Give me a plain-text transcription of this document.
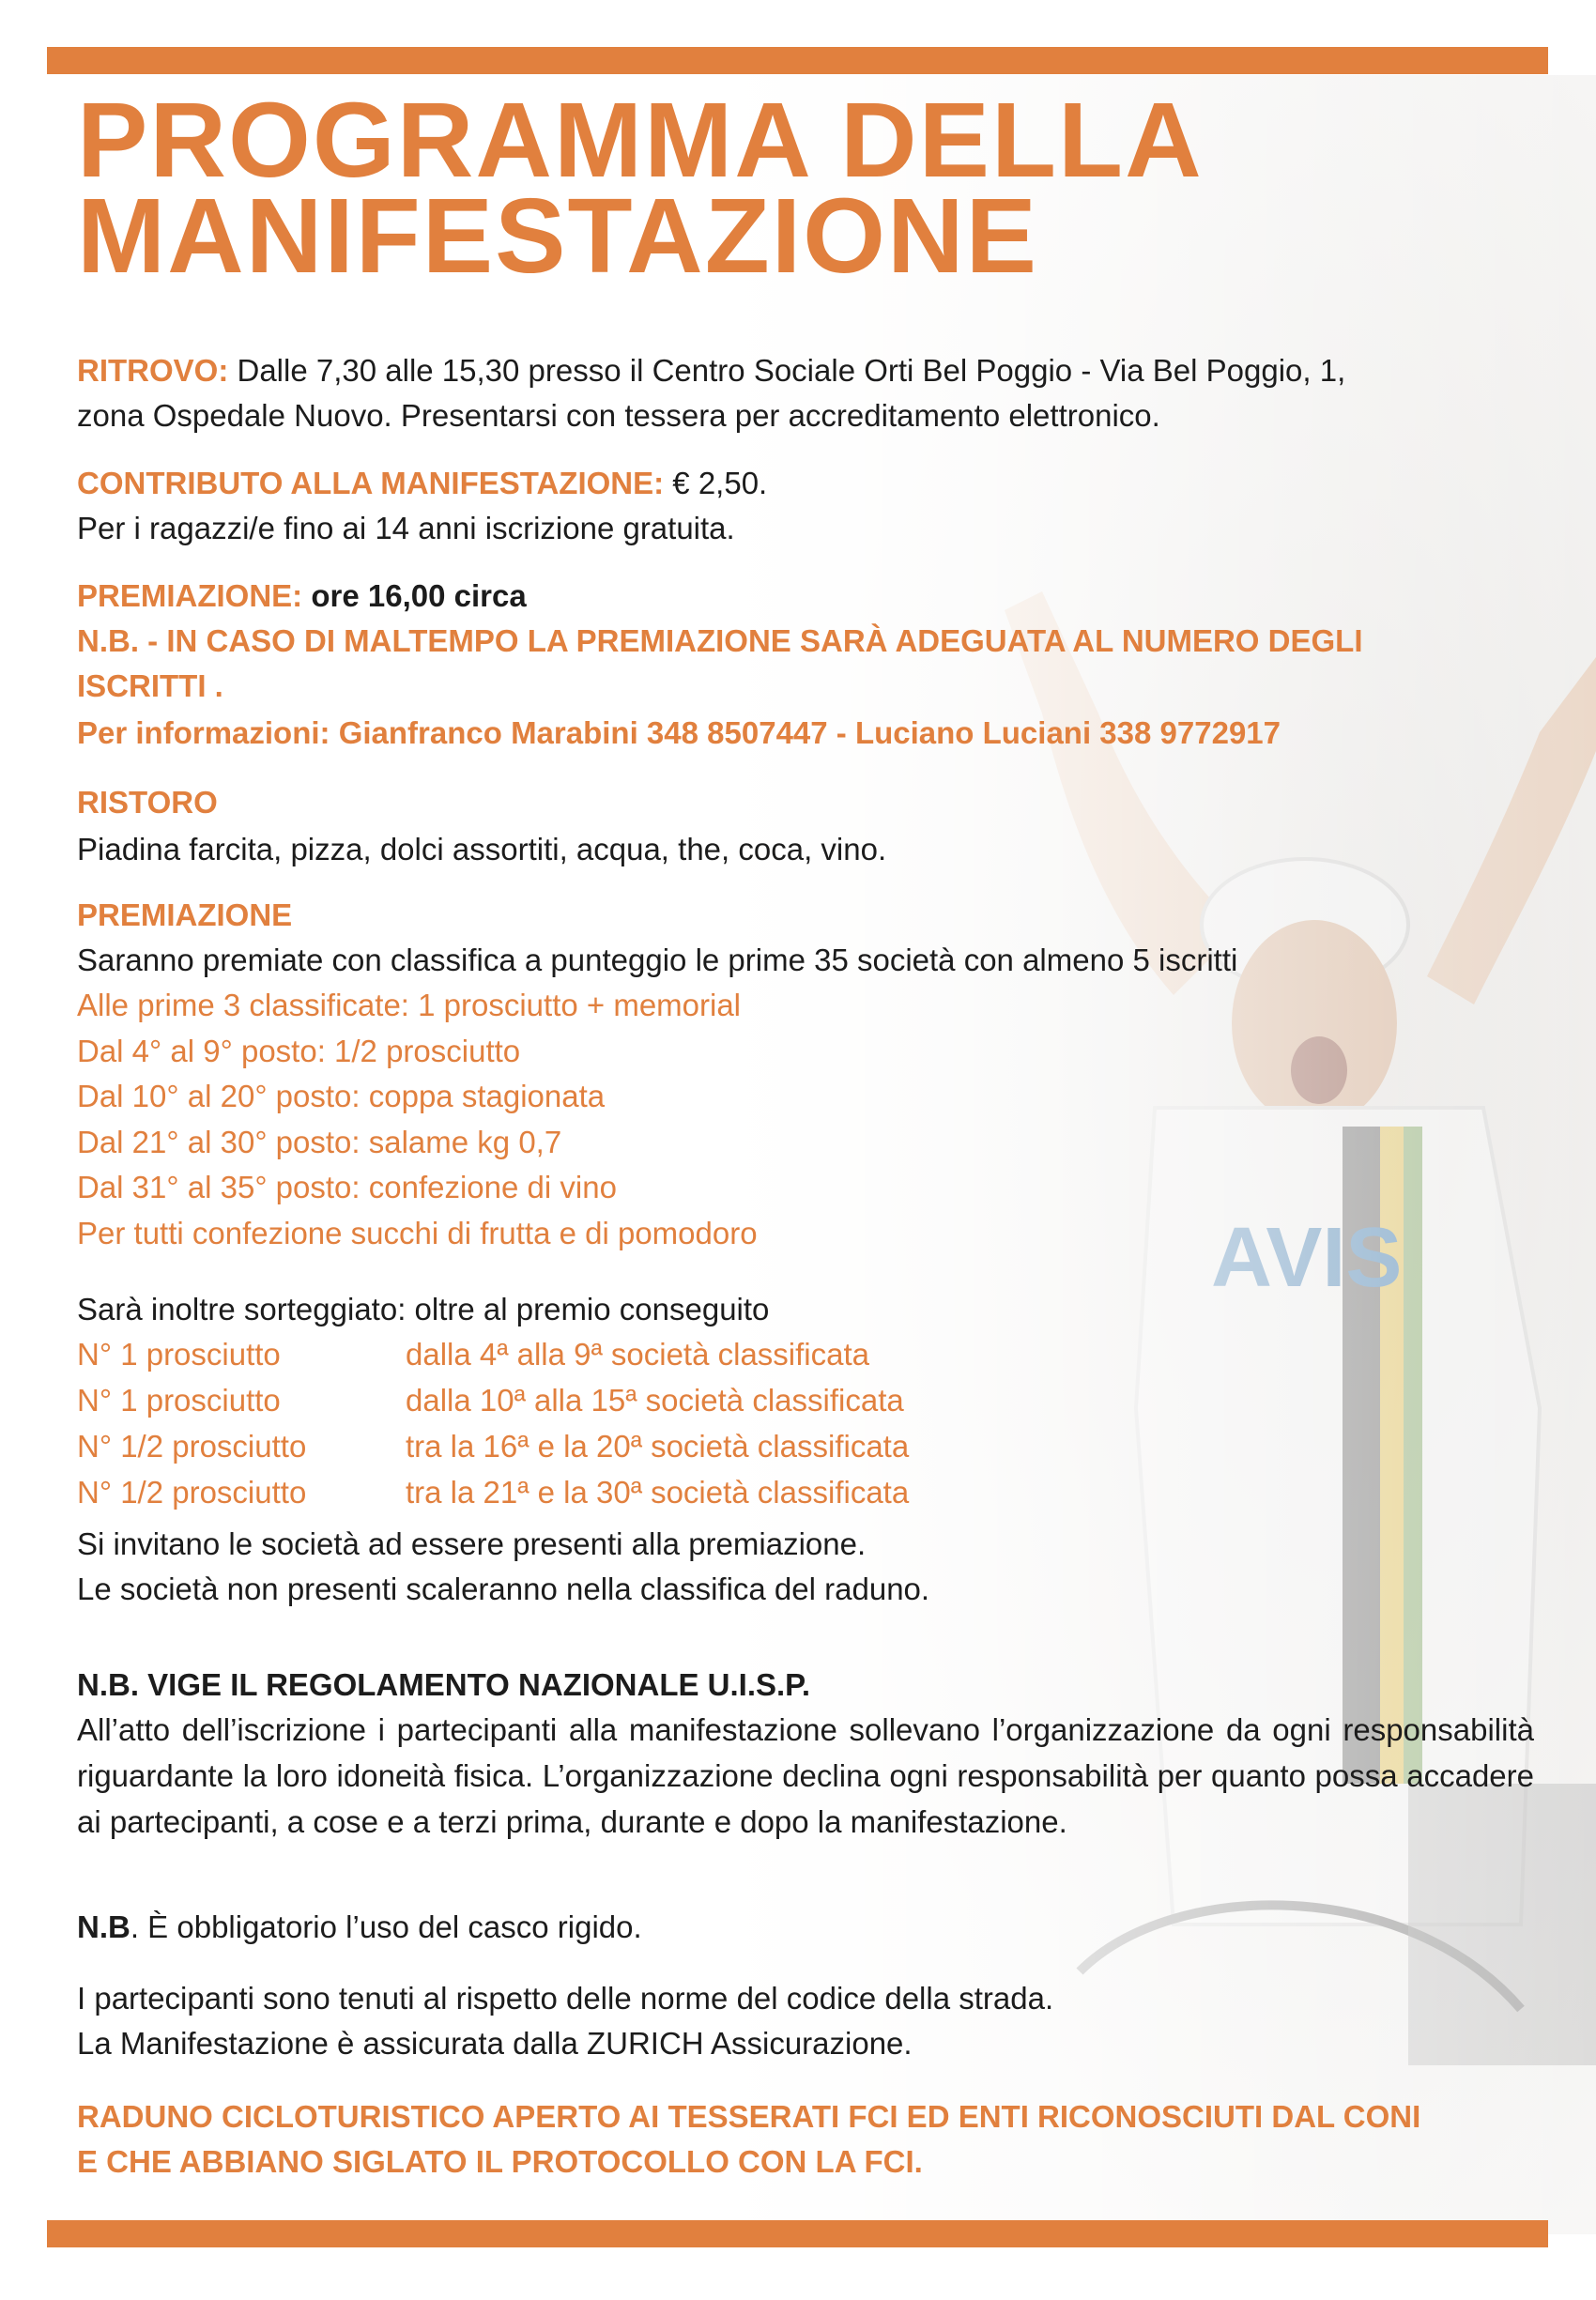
PROGRAMMA DELLA
MANIFESTAZIONE
RITROVO: Dalle 7,30 alle 15,30 presso il Centro Sociale Orti Bel Poggio - Via Bel Poggio, 1,
zona Ospedale Nuovo. Presentarsi con tessera per accreditamento elettronico.
CONTRIBUTO ALLA MANIFESTAZIONE: € 2,50.
Per i ragazzi/e fino ai 14 anni iscrizione gratuita.
PREMIAZIONE: ore 16,00 circa
N.B. - IN CASO DI MALTEMPO LA PREMIAZIONE SARÀ ADEGUATA AL NUMERO DEGLI
ISCRITTI .
Per informazioni: Gianfranco Marabini 348 8507447 - Luciano Luciani 338 9772917
RISTORO
Piadina farcita, pizza, dolci assortiti, acqua, the, coca, vino.
PREMIAZIONE
Saranno premiate con classifica a punteggio le prime 35 società con almeno 5 iscritti
Alle prime 3 classificate: 1 prosciutto + memorial
Dal 4° al 9° posto: 1/2 prosciutto
Dal 10° al 20° posto: coppa stagionata
Dal 21° al 30° posto: salame kg 0,7
Dal 31° al 35° posto: confezione di vino
Per tutti confezione succhi di frutta e di pomodoro
Sarà inoltre sorteggiato: oltre al premio conseguito
N° 1 prosciutto	dalla 4ª alla 9ª società classificata
N° 1 prosciutto	dalla 10ª alla 15ª società classificata
N° 1/2 prosciutto	tra la 16ª e la 20ª società classificata
N° 1/2 prosciutto	tra la 21ª e la 30ª società classificata
Si invitano le società ad essere presenti alla premiazione.
Le società non presenti scaleranno nella classifica del raduno.
N.B. VIGE IL REGOLAMENTO NAZIONALE U.I.S.P.

All’atto dell’iscrizione i partecipanti alla manifestazione sollevano l’organizzazione da ogni responsabilità riguardante la loro idoneità fisica. L’organizzazione declina ogni responsabilità per quanto possa accadere ai partecipanti, a cose e a terzi prima, durante e dopo la manifestazione.

N.B. È obbligatorio l’uso del casco rigido.
I partecipanti sono tenuti al rispetto delle norme del codice della strada.
La Manifestazione è assicurata dalla ZURICH Assicurazione.
RADUNO CICLOTURISTICO APERTO AI TESSERATI FCI ED ENTI RICONOSCIUTI DAL CONI
E CHE ABBIANO SIGLATO IL PROTOCOLLO CON LA FCI.
